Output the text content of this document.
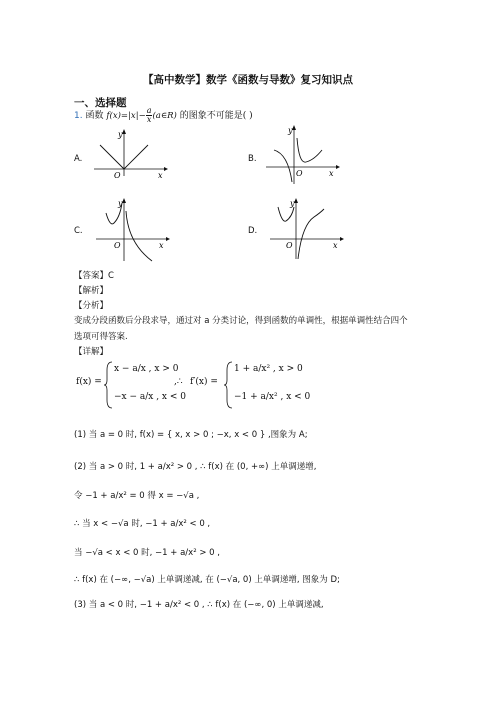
【高中数学】数学《函数与导数》复习知识点
一、选择题
1. 函数 $f(x)=|x|- \frac{a}{x}$ (a∈R) 的图象不可能是( )
A.
y
x
O
B.
y
x
O
C.
y
x
O
D.
y
x
O
【答案】C
【解析】
【分析】
变成分段函数后分段求导，通过对 a 分类讨论，得到函数的单调性，根据单调性结合四个
选项可得答案.
【详解】
f(x) =
x − a/x , x > 0
−x − a/x , x < 0
,∴ f′(x) =
1 + a/x² , x > 0
−1 + a/x² , x < 0
(1) 当 a = 0 时, f(x) = { x, x > 0 ; −x, x < 0 } ,图象为 A;
(2) 当 a > 0 时, 1 + a/x² > 0 , ∴ f(x) 在 (0, +∞) 上单调递增,
令 −1 + a/x² = 0 得 x = −√a ,
∴ 当 x < −√a 时, −1 + a/x² < 0 ,
当 −√a < x < 0 时, −1 + a/x² > 0 ,
∴ f(x) 在 (−∞, −√a) 上单调递减, 在 (−√a, 0) 上单调递增, 图象为 D;
(3) 当 a < 0 时, −1 + a/x² < 0 , ∴ f(x) 在 (−∞, 0) 上单调递减,
